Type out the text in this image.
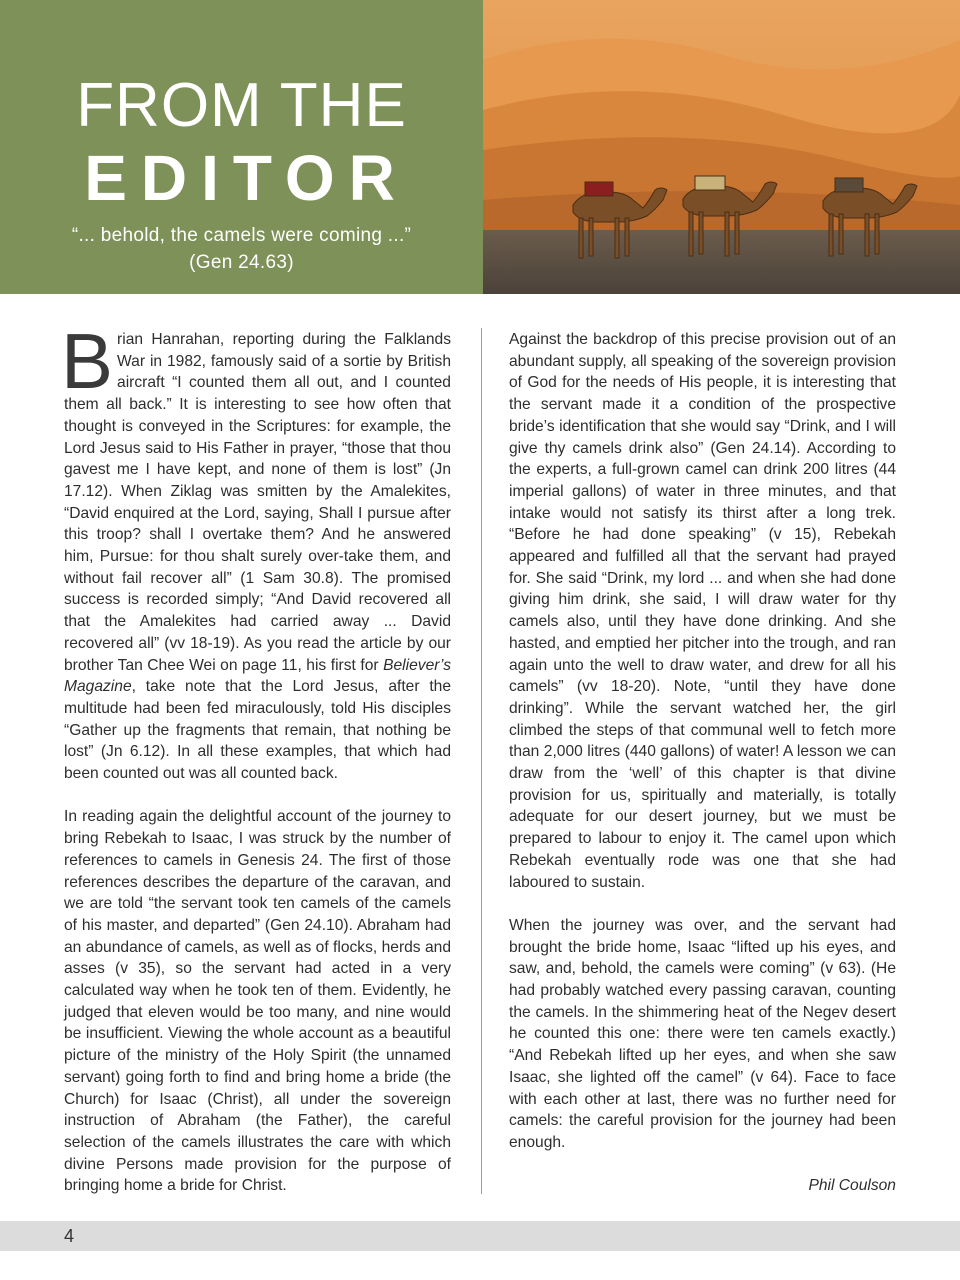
FROM THE
EDITOR
“... behold, the camels were coming ...”
(Gen 24.63)

Brian Hanrahan, reporting during the Falklands War in 1982, famously said of a sortie by British aircraft “I counted them all out, and I counted them all back.” It is interesting to see how often that thought is conveyed in the Scriptures: for example, the Lord Jesus said to His Father in prayer, “those that thou gavest me I have kept, and none of them is lost” (Jn 17.12). When Ziklag was smitten by the Amalekites, “David enquired at the Lord, saying, Shall I pursue after this troop? shall I overtake them? And he answered him, Pursue: for thou shalt surely over-take them, and without fail recover all” (1 Sam 30.8). The promised success is recorded simply; “And David recovered all that the Amalekites had carried away ... David recovered all” (vv 18-19). As you read the article by our brother Tan Chee Wei on page 11, his first for Believer’s Magazine, take note that the Lord Jesus, after the multitude had been fed miraculously, told His disciples “Gather up the fragments that remain, that nothing be lost” (Jn 6.12). In all these examples, that which had been counted out was all counted back.

In reading again the delightful account of the journey to bring Rebekah to Isaac, I was struck by the number of references to camels in Genesis 24. The first of those references describes the departure of the caravan, and we are told “the servant took ten camels of the camels of his master, and departed” (Gen 24.10). Abraham had an abundance of camels, as well as of flocks, herds and asses (v 35), so the servant had acted in a very calculated way when he took ten of them. Evidently, he judged that eleven would be too many, and nine would be insufficient. Viewing the whole account as a beautiful picture of the ministry of the Holy Spirit (the unnamed servant) going forth to find and bring home a bride (the Church) for Isaac (Christ), all under the sovereign instruction of Abraham (the Father), the careful selection of the camels illustrates the care with which divine Persons made provision for the purpose of bringing home a bride for Christ.

Against the backdrop of this precise provision out of an abundant supply, all speaking of the sovereign provision of God for the needs of His people, it is interesting that the servant made it a condition of the prospective bride’s identification that she would say “Drink, and I will give thy camels drink also” (Gen 24.14). According to the experts, a full-grown camel can drink 200 litres (44 imperial gallons) of water in three minutes, and that intake would not satisfy its thirst after a long trek. “Before he had done speaking” (v 15), Rebekah appeared and fulfilled all that the servant had prayed for. She said “Drink, my lord ... and when she had done giving him drink, she said, I will draw water for thy camels also, until they have done drinking. And she hasted, and emptied her pitcher into the trough, and ran again unto the well to draw water, and drew for all his camels” (vv 18-20). Note, “until they have done drinking”. While the servant watched her, the girl climbed the steps of that communal well to fetch more than 2,000 litres (440 gallons) of water! A lesson we can draw from the ‘well’ of this chapter is that divine provision for us, spiritually and materially, is totally adequate for our desert journey, but we must be prepared to labour to enjoy it. The camel upon which Rebekah eventually rode was one that she had laboured to sustain.

When the journey was over, and the servant had brought the bride home, Isaac “lifted up his eyes, and saw, and, behold, the camels were coming” (v 63). (He had probably watched every passing caravan, counting the camels. In the shimmering heat of the Negev desert he counted this one: there were ten camels exactly.) “And Rebekah lifted up her eyes, and when she saw Isaac, she lighted off the camel” (v 64). Face to face with each other at last, there was no further need for camels: the careful provision for the journey had been enough.

Phil Coulson

4
